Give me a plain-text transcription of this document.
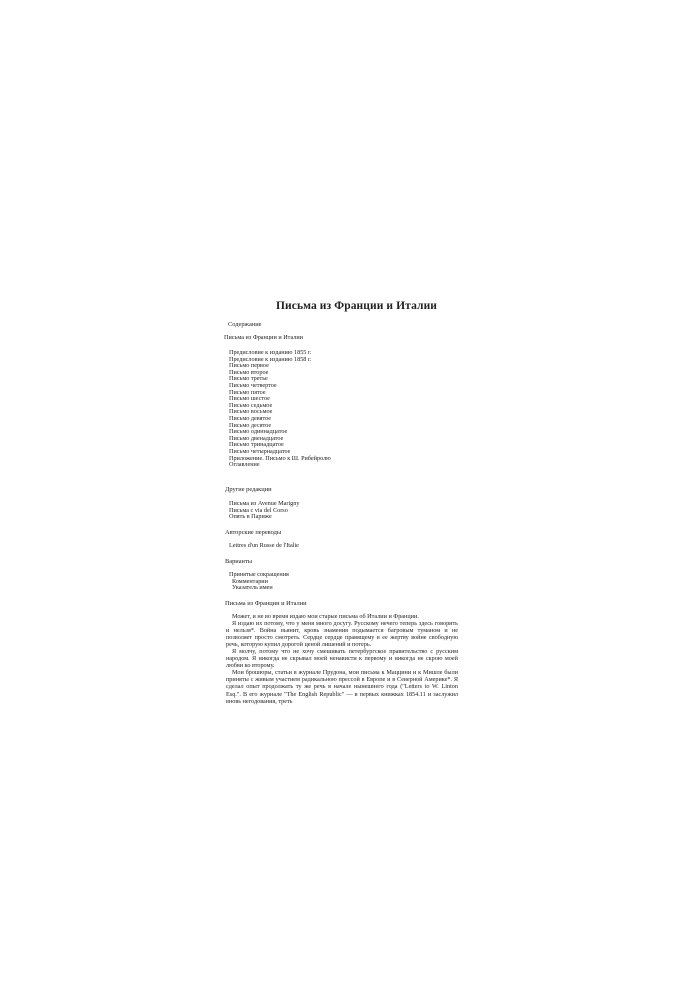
Письма из Франции и Италии
Содержание
Письма из Франции и Италии
Предисловие к изданию 1855 г.
Предисловие к изданию 1858 г.
Письмо первое
Письмо второе
Письмо третье
Письмо четвертое
Письмо пятое
Письмо шестое
Письмо седьмое
Письмо восьмое
Письмо девятое
Письмо десятое
Письмо одиннадцатое
Письмо двенадцатое
Письмо тринадцатое
Письмо четырнадцатое
Приложение. Письмо к Ш. Рибейролю
Оглавление
Другие редакции
Письма из Avenue Marigny
Письма с via del Corso
Опять в Париже
Авторские переводы
Lettres d'un Russe de l'Italie
Варианты
Принятые сокращения
Комментарии
Указатель имен
Письма из Франции и Италии

Может, и не во время издаю мои старые письма об Италии и Франции.

Я издаю их потому, что у меня много досугу. Русскому нечего теперь здесь говорить и нельзя*. Война пьянит, кровь знамения подымается багровым туманом и не позволяет просто смотреть. Сердце сердце правящему в ее жертву войне свободную речь, которую купил дорогой ценой лишений и потерь.

Я молчу, потому что не хочу смешивать петербургское правительство с русским народом. Я никогда не скрывал моей ненависти к первому и никогда не скрою моей любви ко второму.

Мои брошюры, статьи в журнале Прудона, мои письма к Маццини и к Мишле были приняты с живым участием радикальною прессой в Европе и в Северной Америке*. Я сделал опыт продолжать ту же речь в начале нынешнего года ("Letters to W. Linton Esq.". В его журнале "The English Republic" — в первых книжках 1854.11 и заслужил вновь негодования, треть
